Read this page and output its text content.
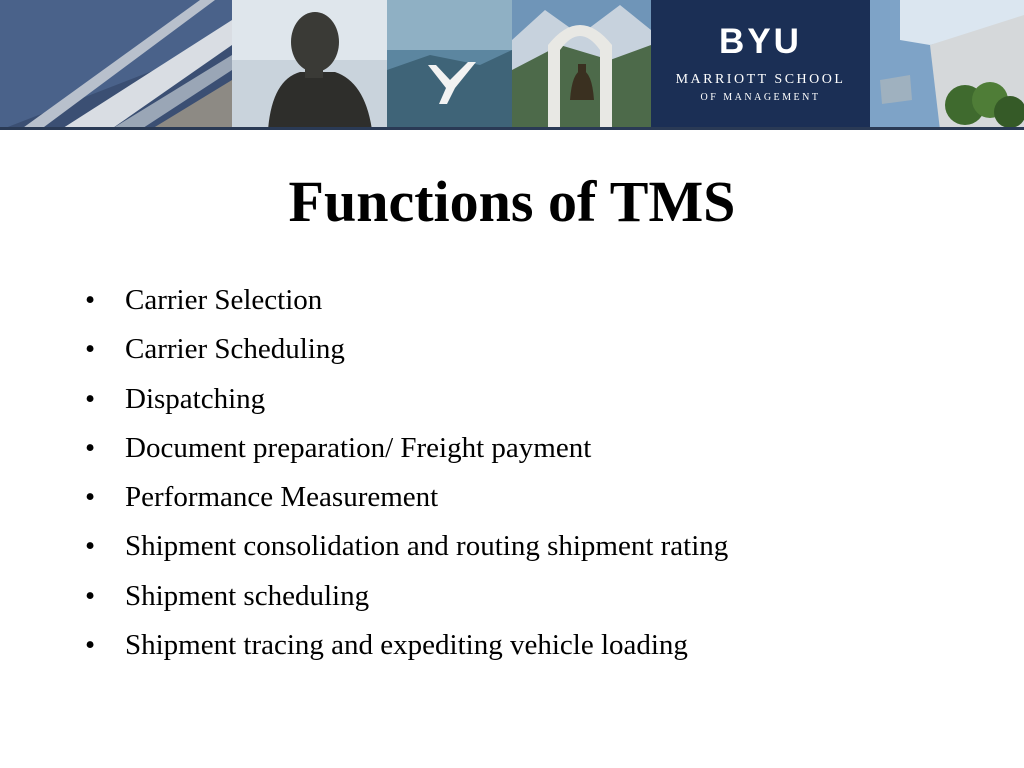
BYU
MARRIOTT SCHOOL
OF MANAGEMENT
Functions of TMS
• Carrier Selection
• Carrier Scheduling
• Dispatching
• Document preparation/ Freight payment
• Performance Measurement
• Shipment consolidation and routing shipment rating
• Shipment scheduling
• Shipment tracing and expediting vehicle loading
